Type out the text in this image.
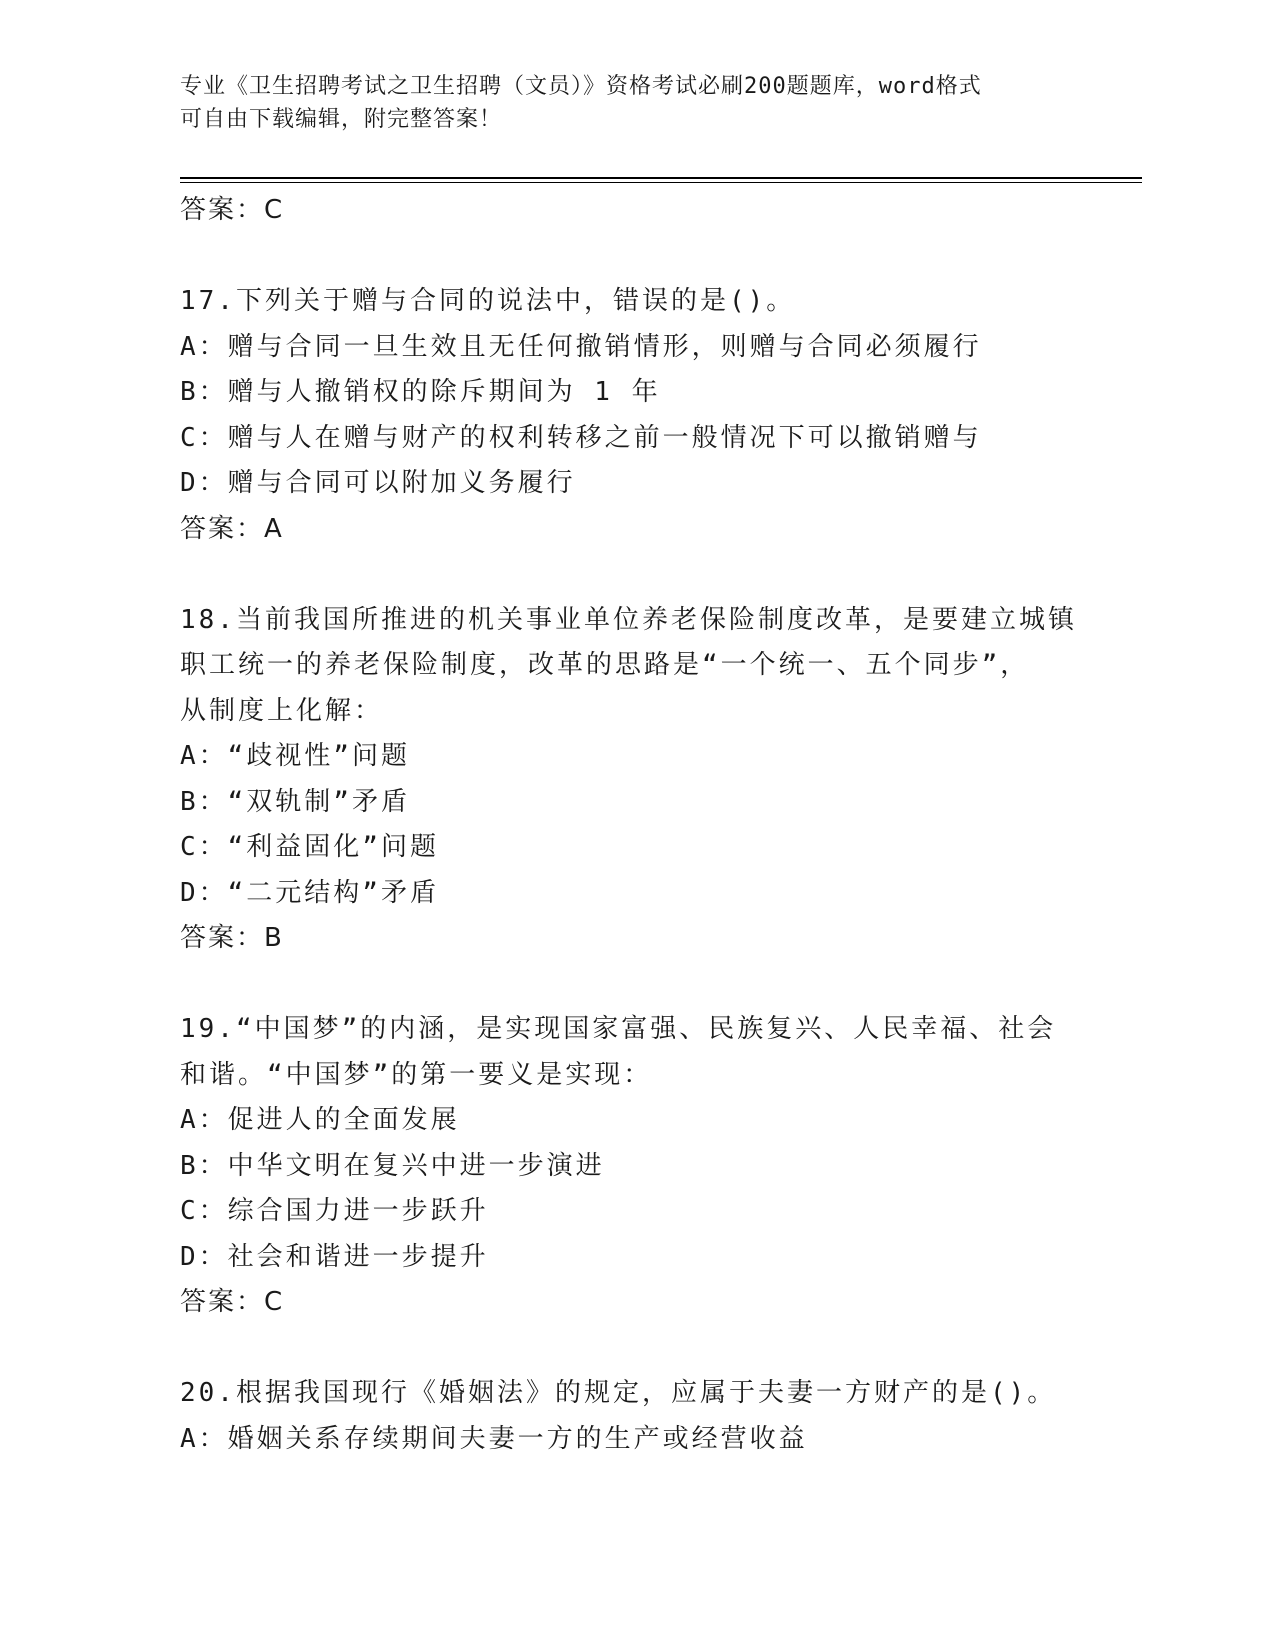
专业《卫生招聘考试之卫生招聘（文员）》资格考试必刷200题题库，word格式
可自由下载编辑，附完整答案！
答案：C
17.下列关于赠与合同的说法中，错误的是()。
A：赠与合同一旦生效且无任何撤销情形，则赠与合同必须履行
B：赠与人撤销权的除斥期间为 1 年
C：赠与人在赠与财产的权利转移之前一般情况下可以撤销赠与
D：赠与合同可以附加义务履行
答案：A
18.当前我国所推进的机关事业单位养老保险制度改革，是要建立城镇
职工统一的养老保险制度，改革的思路是“一个统一、五个同步”，
从制度上化解：
A：“歧视性”问题
B：“双轨制”矛盾
C：“利益固化”问题
D：“二元结构”矛盾
答案：B
19.“中国梦”的内涵，是实现国家富强、民族复兴、人民幸福、社会
和谐。“中国梦”的第一要义是实现：
A：促进人的全面发展
B：中华文明在复兴中进一步演进
C：综合国力进一步跃升
D：社会和谐进一步提升
答案：C
20.根据我国现行《婚姻法》的规定，应属于夫妻一方财产的是()。
A：婚姻关系存续期间夫妻一方的生产或经营收益
